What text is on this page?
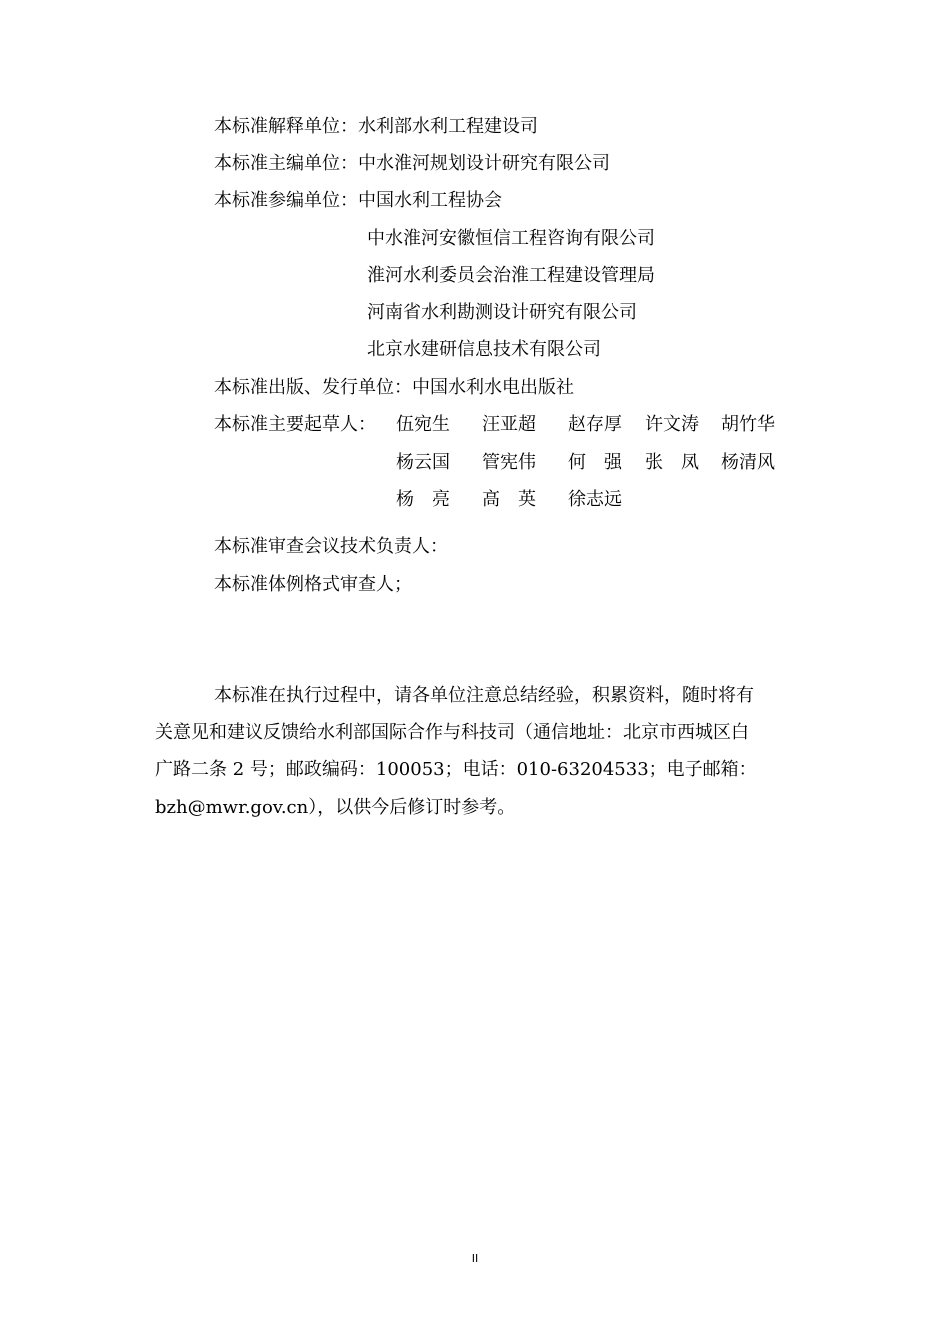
本标准解释单位：水利部水利工程建设司
本标准主编单位：中水淮河规划设计研究有限公司
本标准参编单位：中国水利工程协会
中水淮河安徽恒信工程咨询有限公司
淮河水利委员会治淮工程建设管理局
河南省水利勘测设计研究有限公司
北京水建研信息技术有限公司
本标准出版、发行单位：中国水利水电出版社
本标准主要起草人： 伍宛生 汪亚超 赵存厚 许文涛 胡竹华
杨云国 管宪伟 何　强 张　凤 杨清风
杨　亮 高　英 徐志远
本标准审查会议技术负责人：
本标准体例格式审查人；
本标准在执行过程中，请各单位注意总结经验，积累资料，随时将有
关意见和建议反馈给水利部国际合作与科技司（通信地址：北京市西城区白
广路二条 2 号；邮政编码：100053；电话：010-63204533；电子邮箱：
bzh@mwr.gov.cn），以供今后修订时参考。
II
